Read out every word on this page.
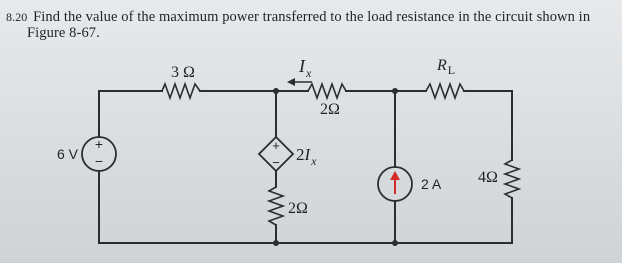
8.20 Find the value of the maximum power transferred to the load resistance in the circuit shown in
Figure 8-67.
+
−
6 V
+
−
3 Ω	$I_x$
2Ω
$R_L$
$2I_x$
2Ω
2 A 4Ω
